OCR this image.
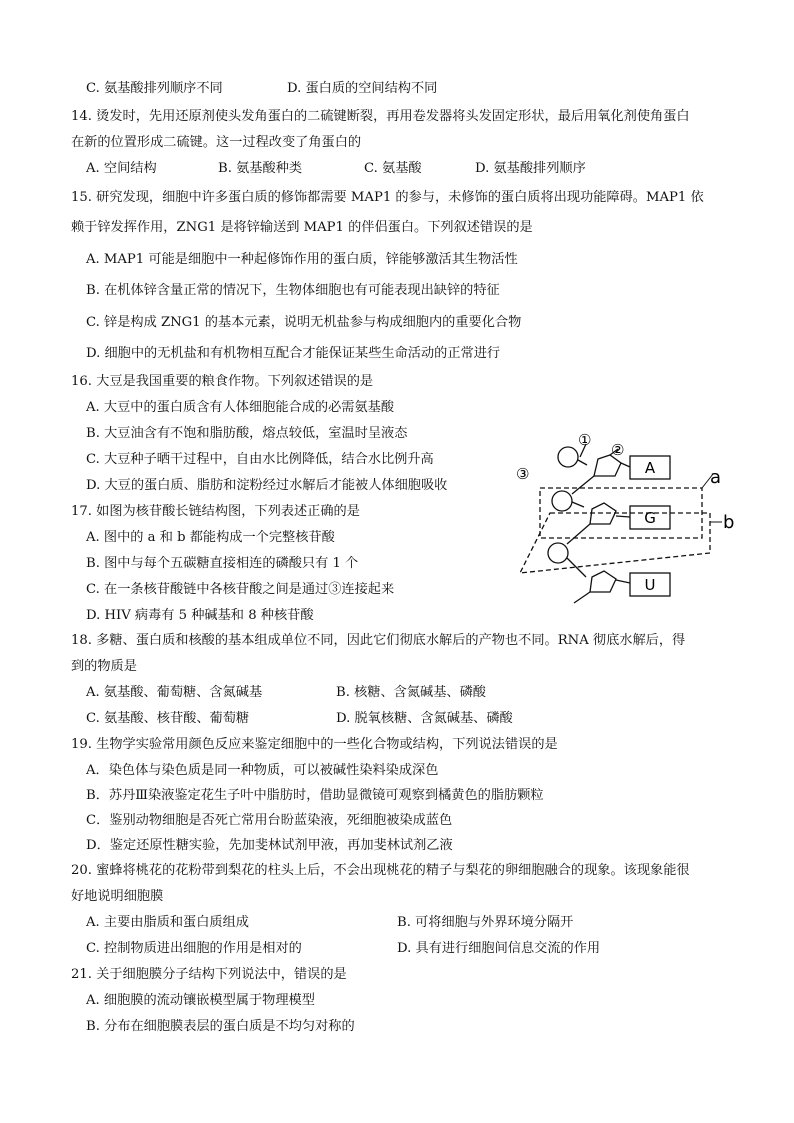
C. 氨基酸排列顺序不同	D. 蛋白质的空间结构不同
14. 烫发时，先用还原剂使头发角蛋白的二硫键断裂，再用卷发器将头发固定形状，最后用氧化剂使角蛋白
在新的位置形成二硫键。这一过程改变了角蛋白的
A. 空间结构	B. 氨基酸种类	C. 氨基酸	D. 氨基酸排列顺序
15. 研究发现，细胞中许多蛋白质的修饰都需要 MAP1 的参与，未修饰的蛋白质将出现功能障碍。MAP1 依
赖于锌发挥作用，ZNG1 是将锌输送到 MAP1 的伴侣蛋白。下列叙述错误的是
A. MAP1 可能是细胞中一种起修饰作用的蛋白质，锌能够激活其生物活性
B. 在机体锌含量正常的情况下，生物体细胞也有可能表现出缺锌的特征
C. 锌是构成 ZNG1 的基本元素，说明无机盐参与构成细胞内的重要化合物
D. 细胞中的无机盐和有机物相互配合才能保证某些生命活动的正常进行
16. 大豆是我国重要的粮食作物。下列叙述错误的是
A. 大豆中的蛋白质含有人体细胞能合成的必需氨基酸
B. 大豆油含有不饱和脂肪酸，熔点较低，室温时呈液态
C. 大豆种子晒干过程中，自由水比例降低，结合水比例升高
D. 大豆的蛋白质、脂肪和淀粉经过水解后才能被人体细胞吸收
17. 如图为核苷酸长链结构图，下列表述正确的是
A. 图中的 a 和 b 都能构成一个完整核苷酸
B. 图中与每个五碳糖直接相连的磷酸只有 1 个
C. 在一条核苷酸链中各核苷酸之间是通过③连接起来
D. HIV 病毒有 5 种碱基和 8 种核苷酸
①
②
③	A
G
U
a
b
18. 多糖、蛋白质和核酸的基本组成单位不同，因此它们彻底水解后的产物也不同。RNA 彻底水解后，得
到的物质是
A. 氨基酸、葡萄糖、含氮碱基	B. 核糖、含氮碱基、磷酸
C. 氨基酸、核苷酸、葡萄糖	D. 脱氧核糖、含氮碱基、磷酸
19. 生物学实验常用颜色反应来鉴定细胞中的一些化合物或结构，下列说法错误的是
A．染色体与染色质是同一种物质，可以被碱性染料染成深色
B．苏丹Ⅲ染液鉴定花生子叶中脂肪时，借助显微镜可观察到橘黄色的脂肪颗粒
C．鉴别动物细胞是否死亡常用台盼蓝染液，死细胞被染成蓝色
D．鉴定还原性糖实验，先加斐林试剂甲液，再加斐林试剂乙液
20. 蜜蜂将桃花的花粉带到梨花的柱头上后，不会出现桃花的精子与梨花的卵细胞融合的现象。该现象能很
好地说明细胞膜
A. 主要由脂质和蛋白质组成	B. 可将细胞与外界环境分隔开
C. 控制物质进出细胞的作用是相对的	D. 具有进行细胞间信息交流的作用
21. 关于细胞膜分子结构下列说法中，错误的是
A. 细胞膜的流动镶嵌模型属于物理模型
B. 分布在细胞膜表层的蛋白质是不均匀对称的
